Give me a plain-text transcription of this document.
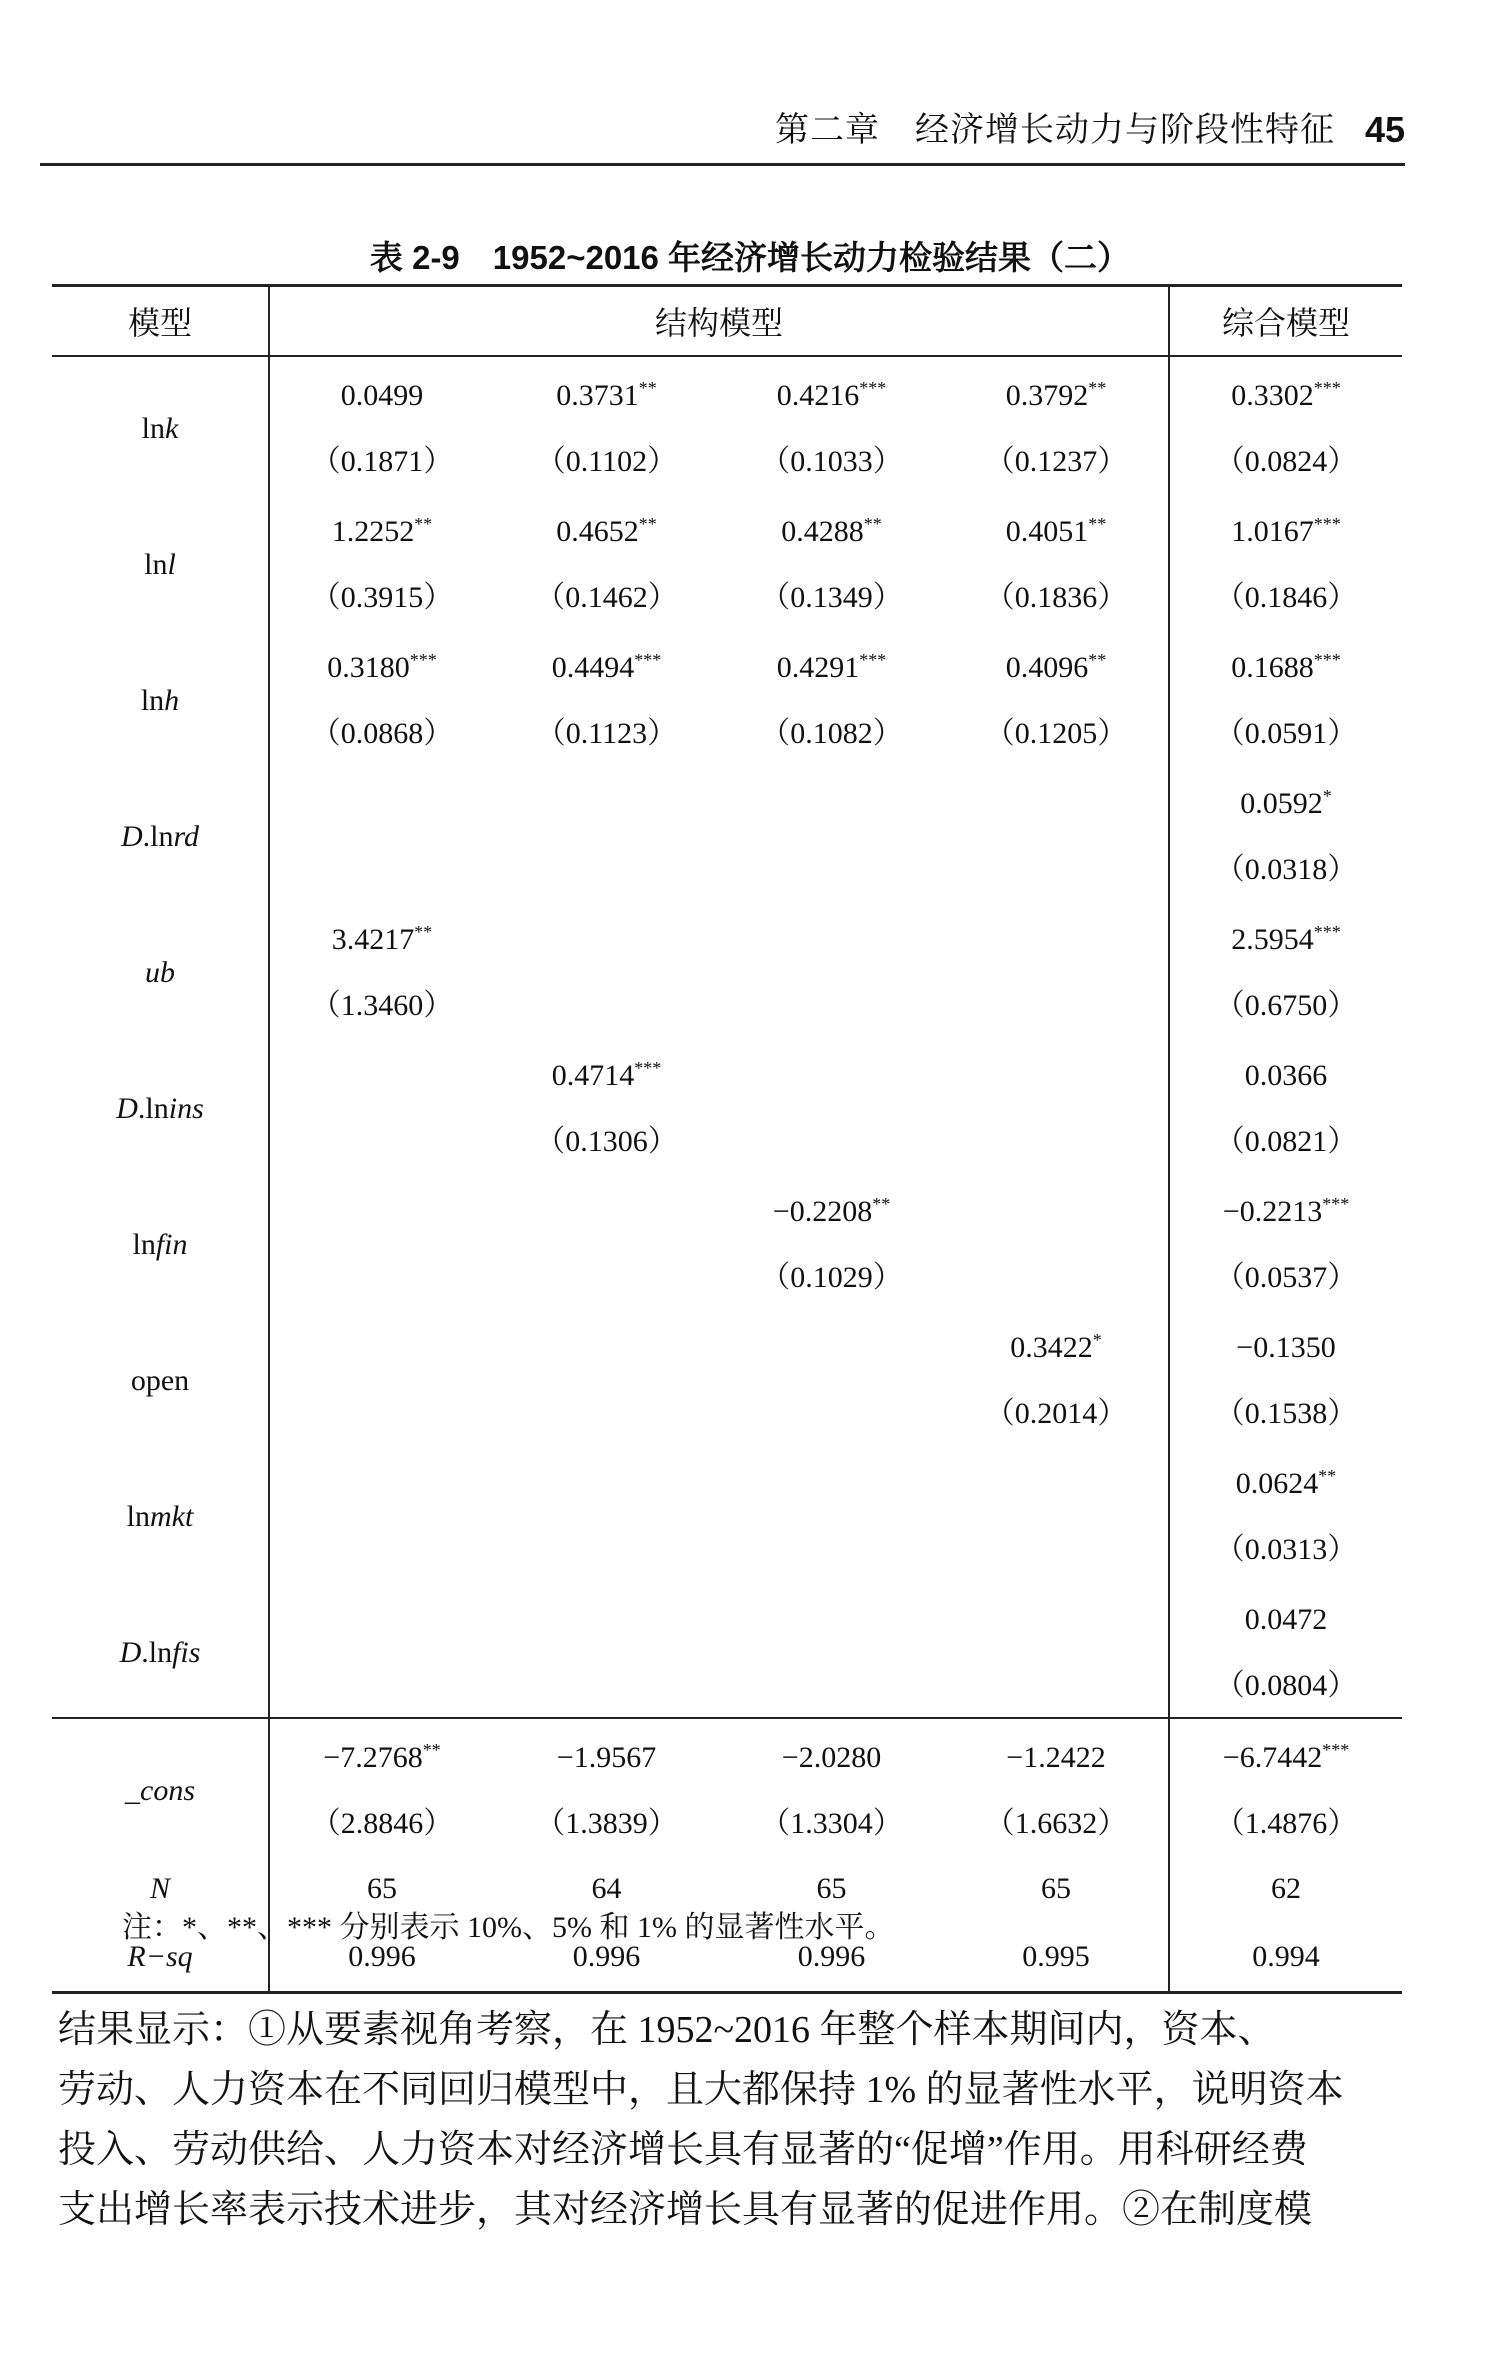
第二章　经济增长动力与阶段性特征 45
表 2-9　1952~2016 年经济增长动力检验结果（二）
模型	结构模型				综合模型
lnk	0.0499	0.3731**	0.4216***	0.3792**	0.3302***
	（0.1871）	（0.1102）	（0.1033）	（0.1237）	（0.0824）
lnl	1.2252**	0.4652**	0.4288**	0.4051**	1.0167***
	（0.3915）	（0.1462）	（0.1349）	（0.1836）	（0.1846）
lnh	0.3180***	0.4494***	0.4291***	0.4096**	0.1688***
	（0.0868）	（0.1123）	（0.1082）	（0.1205）	（0.0591）
D.lnrd					0.0592*
					（0.0318）
ub	3.4217**				2.5954***
	（1.3460）				（0.6750）
D.lnins		0.4714***			0.0366
		（0.1306）			（0.0821）
lnfin			−0.2208**		−0.2213***
			（0.1029）		（0.0537）
open				0.3422*	−0.1350
				（0.2014）	（0.1538）
lnmkt					0.0624**
					（0.0313）
D.lnfis					0.0472
					（0.0804）
_cons	−7.2768**	−1.9567	−2.0280	−1.2422	−6.7442***
	（2.8846）	（1.3839）	（1.3304）	（1.6632）	（1.4876）
N	65	64	65	65	62
R−sq	0.996	0.996	0.996	0.995	0.994
注：*、**、*** 分别表示 10%、5% 和 1% 的显著性水平。

结果显示：①从要素视角考察，在 1952~2016 年整个样本期间内，资本、

劳动、人力资本在不同回归模型中，且大都保持 1% 的显著性水平，说明资本

投入、劳动供给、人力资本对经济增长具有显著的“促增”作用。用科研经费

支出增长率表示技术进步，其对经济增长具有显著的促进作用。②在制度模
